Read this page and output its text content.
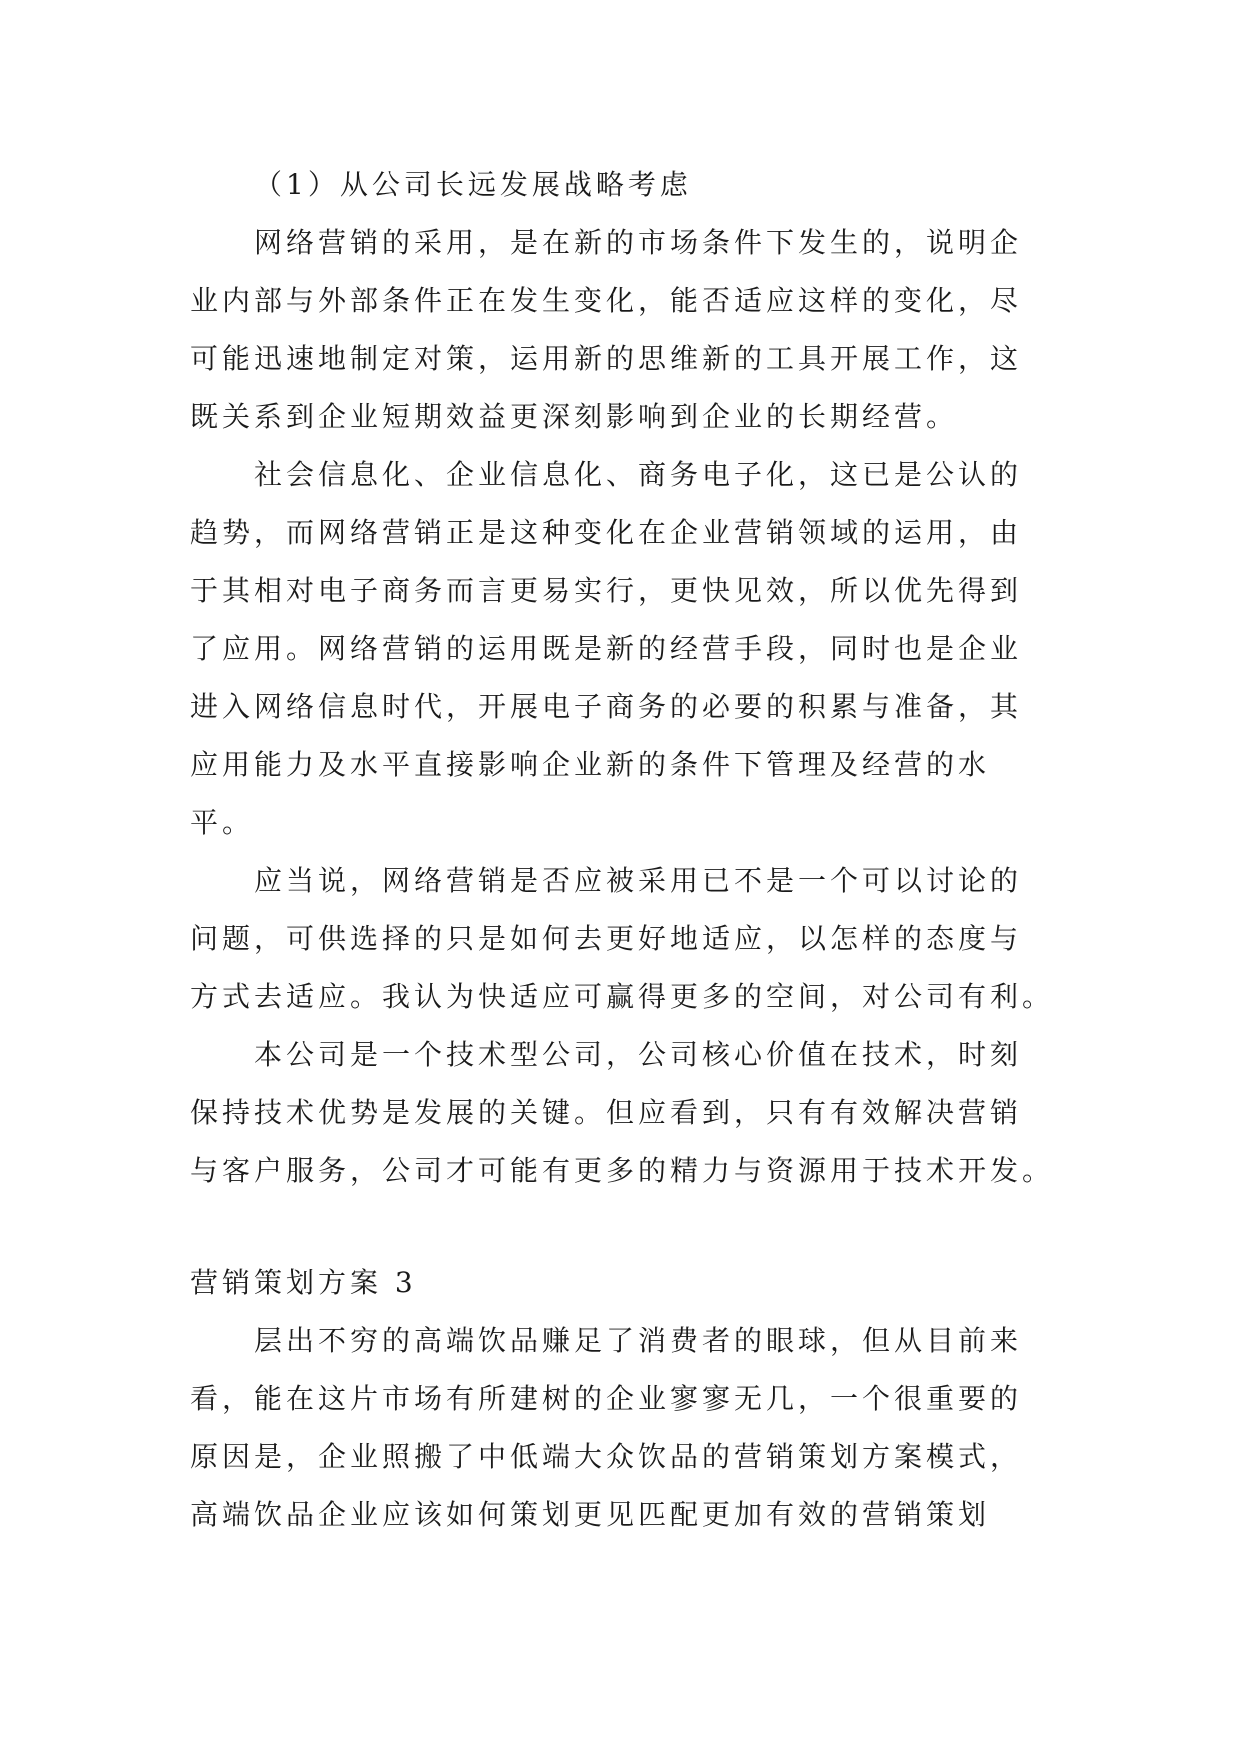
（1）从公司长远发展战略考虑
网络营销的采用，是在新的市场条件下发生的，说明企
业内部与外部条件正在发生变化，能否适应这样的变化，尽
可能迅速地制定对策，运用新的思维新的工具开展工作，这
既关系到企业短期效益更深刻影响到企业的长期经营。
社会信息化、企业信息化、商务电子化，这已是公认的
趋势，而网络营销正是这种变化在企业营销领域的运用，由
于其相对电子商务而言更易实行，更快见效，所以优先得到
了应用。网络营销的运用既是新的经营手段，同时也是企业
进入网络信息时代，开展电子商务的必要的积累与准备，其
应用能力及水平直接影响企业新的条件下管理及经营的水
平。
应当说，网络营销是否应被采用已不是一个可以讨论的
问题，可供选择的只是如何去更好地适应，以怎样的态度与
方式去适应。我认为快适应可赢得更多的空间，对公司有利。
本公司是一个技术型公司，公司核心价值在技术，时刻
保持技术优势是发展的关键。但应看到，只有有效解决营销
与客户服务，公司才可能有更多的精力与资源用于技术开发。
营销策划方案 3
层出不穷的高端饮品赚足了消费者的眼球，但从目前来
看，能在这片市场有所建树的企业寥寥无几，一个很重要的
原因是，企业照搬了中低端大众饮品的营销策划方案模式，
高端饮品企业应该如何策划更见匹配更加有效的营销策划
